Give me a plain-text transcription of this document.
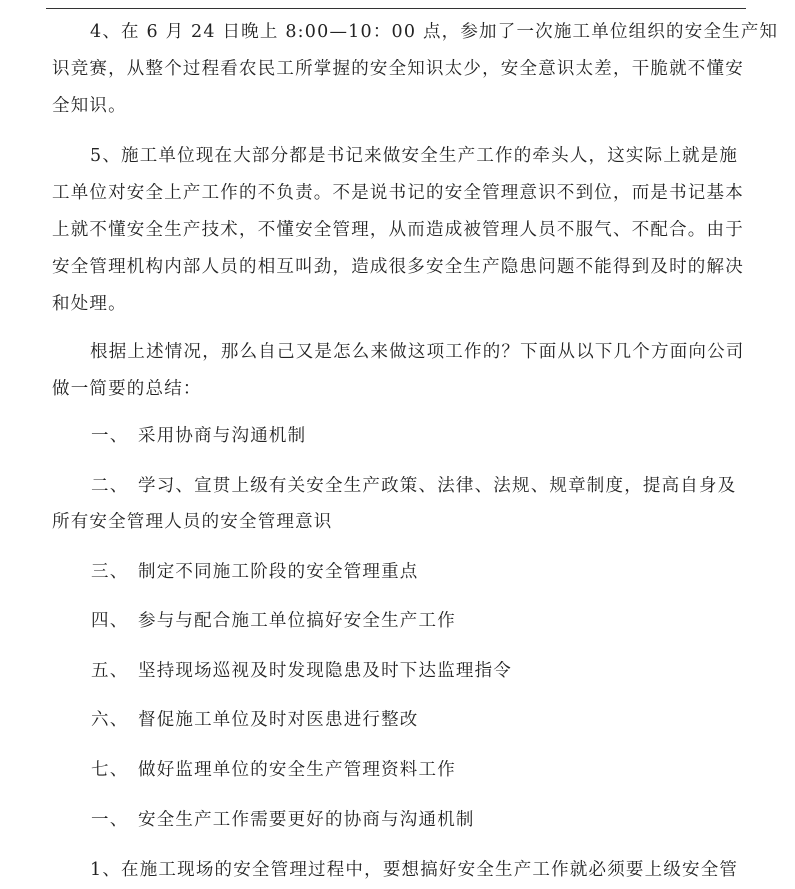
4、在 6 月 24 日晚上 8:00—10：00 点，参加了一次施工单位组织的安全生产知
识竞赛，从整个过程看农民工所掌握的安全知识太少，安全意识太差，干脆就不懂安
全知识。
5、施工单位现在大部分都是书记来做安全生产工作的牵头人，这实际上就是施
工单位对安全上产工作的不负责。不是说书记的安全管理意识不到位，而是书记基本
上就不懂安全生产技术，不懂安全管理，从而造成被管理人员不服气、不配合。由于
安全管理机构内部人员的相互叫劲，造成很多安全生产隐患问题不能得到及时的解决
和处理。
根据上述情况，那么自己又是怎么来做这项工作的？下面从以下几个方面向公司
做一简要的总结：
一、 采用协商与沟通机制
二、 学习、宣贯上级有关安全生产政策、法律、法规、规章制度，提高自身及
所有安全管理人员的安全管理意识
三、 制定不同施工阶段的安全管理重点
四、 参与与配合施工单位搞好安全生产工作
五、 坚持现场巡视及时发现隐患及时下达监理指令
六、 督促施工单位及时对医患进行整改
七、 做好监理单位的安全生产管理资料工作
一、 安全生产工作需要更好的协商与沟通机制
1、在施工现场的安全管理过程中，要想搞好安全生产工作就必须要上级安全管
